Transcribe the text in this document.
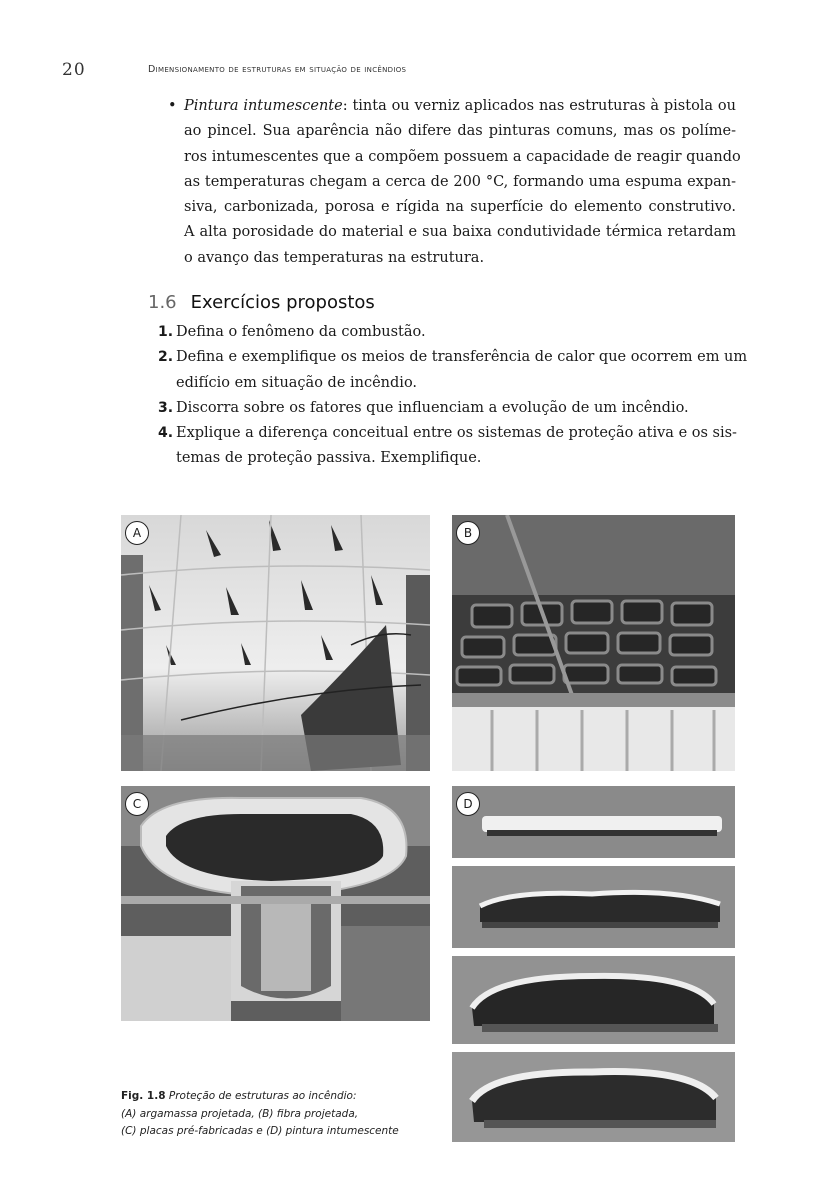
20	Dimensionamento de estruturas em situação de incêndios
• Pintura intumescente: tinta ou verniz aplicados nas estruturas à pistola ou
ao pincel. Sua aparência não difere das pinturas comuns, mas os políme-
ros intumescentes que a compõem possuem a capacidade de reagir quando
as temperaturas chegam a cerca de 200 °C, formando uma espuma expan-
siva, carbonizada, porosa e rígida na superfície do elemento construtivo.
A alta porosidade do material e sua baixa condutividade térmica retardam
o avanço das temperaturas na estrutura.
1.6 Exercícios propostos
1. Defina o fenômeno da combustão.
2. Defina e exemplifique os meios de transferência de calor que ocorrem em um
edifício em situação de incêndio.
3. Discorra sobre os fatores que influenciam a evolução de um incêndio.
4. Explique a diferença conceitual entre os sistemas de proteção ativa e os sis-
temas de proteção passiva. Exemplifique.
A	B
C	D
Fig. 1.8 Proteção de estruturas ao incêndio:
(A) argamassa projetada, (B) fibra projetada,
(C) placas pré-fabricadas e (D) pintura intumescente
